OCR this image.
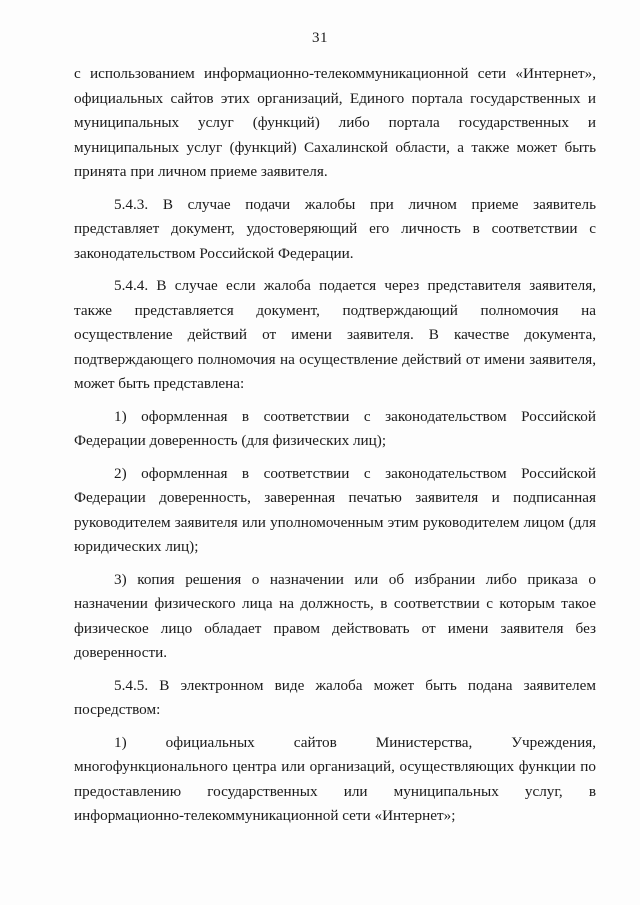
31

с использованием информационно-телекоммуникационной сети «Интернет», официальных сайтов этих организаций, Единого портала государственных и муниципальных услуг (функций) либо портала государственных и муниципальных услуг (функций) Сахалинской области, а также может быть принята при личном приеме заявителя.

5.4.3. В случае подачи жалобы при личном приеме заявитель представляет документ, удостоверяющий его личность в соответствии с законодательством Российской Федерации.

5.4.4. В случае если жалоба подается через представителя заявителя, также представляется документ, подтверждающий полномочия на осуществление действий от имени заявителя. В качестве документа, подтверждающего полномочия на осуществление действий от имени заявителя, может быть представлена:

1) оформленная в соответствии с законодательством Российской Федерации доверенность (для физических лиц);

2) оформленная в соответствии с законодательством Российской Федерации доверенность, заверенная печатью заявителя и подписанная руководителем заявителя или уполномоченным этим руководителем лицом (для юридических лиц);

3) копия решения о назначении или об избрании либо приказа о назначении физического лица на должность, в соответствии с которым такое физическое лицо обладает правом действовать от имени заявителя без доверенности.

5.4.5. В электронном виде жалоба может быть подана заявителем посредством:

1) официальных сайтов Министерства, Учреждения, многофункционального центра или организаций, осуществляющих функции по предоставлению государственных или муниципальных услуг, в информационно-телекоммуникационной сети «Интернет»;
